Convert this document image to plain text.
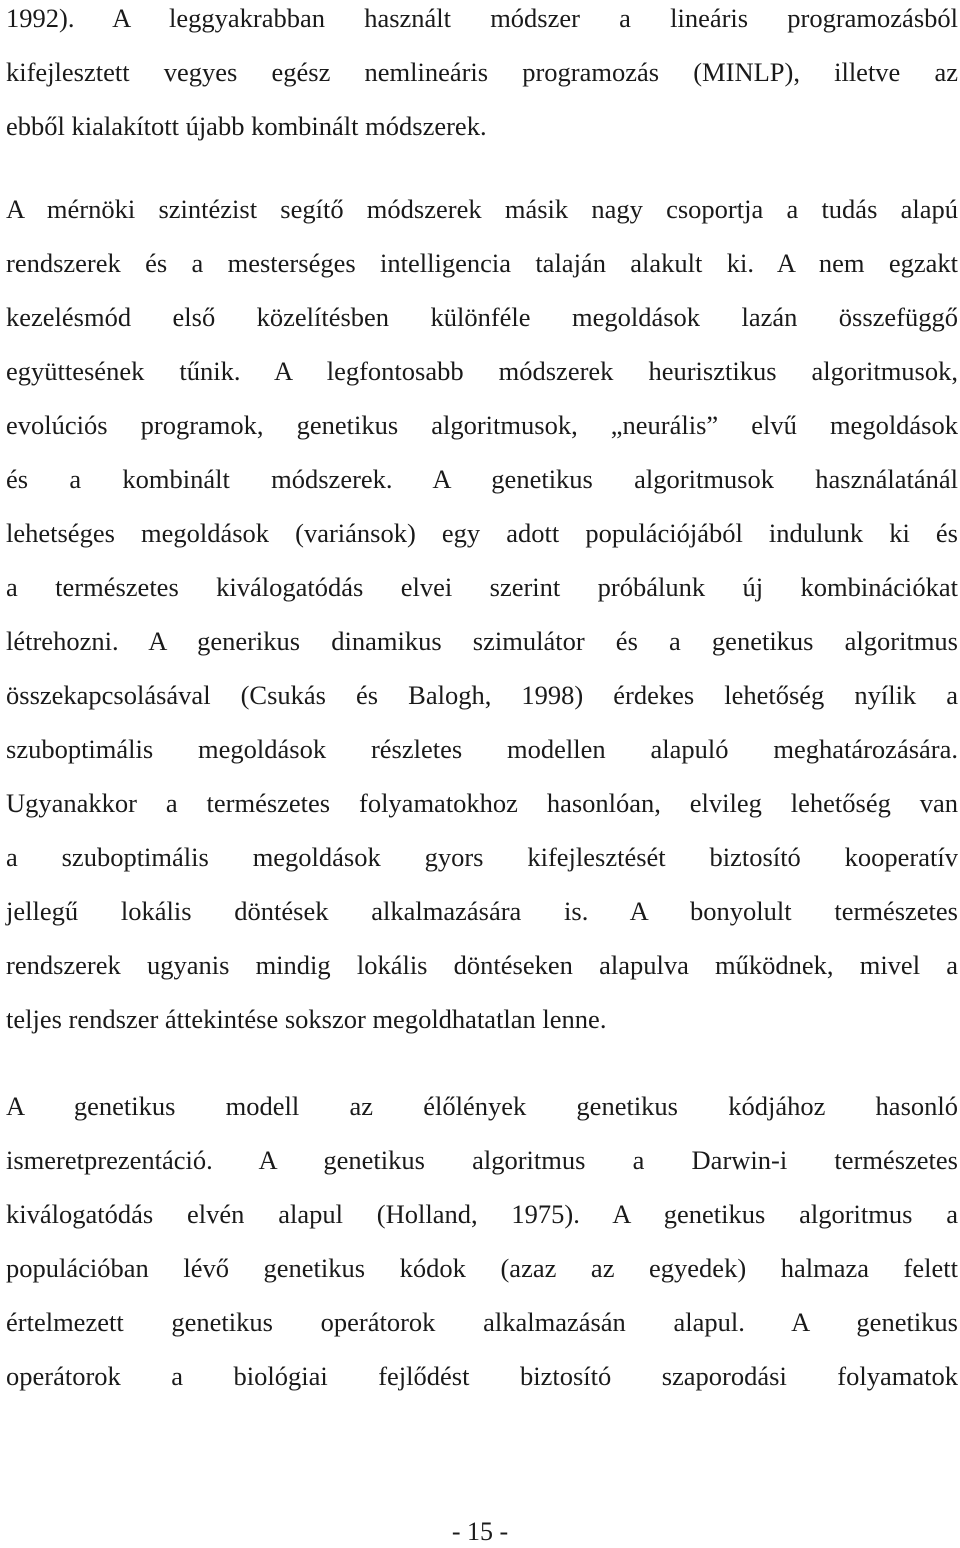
1992). A leggyakrabban használt módszer a lineáris programozásból
kifejlesztett vegyes egész nemlineáris programozás (MINLP), illetve az
ebből kialakított újabb kombinált módszerek.
A mérnöki szintézist segítő módszerek másik nagy csoportja a tudás alapú
rendszerek és a mesterséges intelligencia talaján alakult ki. A nem egzakt
kezelésmód első közelítésben különféle megoldások lazán összefüggő
együttesének tűnik. A legfontosabb módszerek heurisztikus algoritmusok,
evolúciós programok, genetikus algoritmusok, „neurális” elvű megoldások
és a kombinált módszerek. A genetikus algoritmusok használatánál
lehetséges megoldások (variánsok) egy adott populációjából indulunk ki és
a természetes kiválogatódás elvei szerint próbálunk új kombinációkat
létrehozni. A generikus dinamikus szimulátor és a genetikus algoritmus
összekapcsolásával (Csukás és Balogh, 1998) érdekes lehetőség nyílik a
szuboptimális megoldások részletes modellen alapuló meghatározására.
Ugyanakkor a természetes folyamatokhoz hasonlóan, elvileg lehetőség van
a szuboptimális megoldások gyors kifejlesztését biztosító kooperatív
jellegű lokális döntések alkalmazására is. A bonyolult természetes
rendszerek ugyanis mindig lokális döntéseken alapulva működnek, mivel a
teljes rendszer áttekintése sokszor megoldhatatlan lenne.
A genetikus modell az élőlények genetikus kódjához hasonló
ismeretprezentáció. A genetikus algoritmus a Darwin-i természetes
kiválogatódás elvén alapul (Holland, 1975). A genetikus algoritmus a
populációban lévő genetikus kódok (azaz az egyedek) halmaza felett
értelmezett genetikus operátorok alkalmazásán alapul. A genetikus
operátorok a biológiai fejlődést biztosító szaporodási folyamatok
- 15 -
